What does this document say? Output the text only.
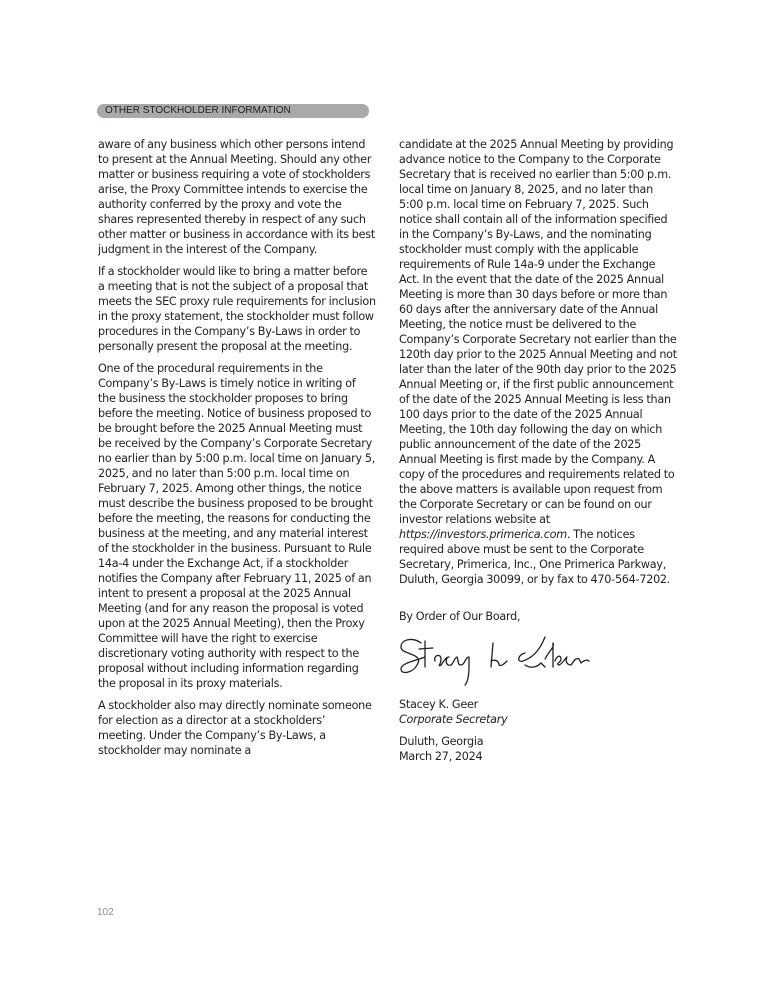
OTHER STOCKHOLDER INFORMATION

aware of any business which other persons intend to present at the Annual Meeting. Should any other matter or business requiring a vote of stockholders arise, the Proxy Committee intends to exercise the authority conferred by the proxy and vote the shares represented thereby in respect of any such other matter or business in accordance with its best judgment in the interest of the Company.

If a stockholder would like to bring a matter before a meeting that is not the subject of a proposal that meets the SEC proxy rule requirements for inclusion in the proxy statement, the stockholder must follow procedures in the Company’s By-Laws in order to personally present the proposal at the meeting.

One of the procedural requirements in the Company’s By-Laws is timely notice in writing of the business the stockholder proposes to bring before the meeting. Notice of business proposed to be brought before the 2025 Annual Meeting must be received by the Company’s Corporate Secretary no earlier than by 5:00 p.m. local time on January 5, 2025, and no later than 5:00 p.m. local time on February 7, 2025. Among other things, the notice must describe the business proposed to be brought before the meeting, the reasons for conducting the business at the meeting, and any material interest of the stockholder in the business. Pursuant to Rule 14a-4 under the Exchange Act, if a stockholder notifies the Company after February 11, 2025 of an intent to present a proposal at the 2025 Annual Meeting (and for any reason the proposal is voted upon at the 2025 Annual Meeting), then the Proxy Committee will have the right to exercise discretionary voting authority with respect to the proposal without including information regarding the proposal in its proxy materials.

A stockholder also may directly nominate someone for election as a director at a stockholders’ meeting. Under the Company’s By-Laws, a stockholder may nominate a

candidate at the 2025 Annual Meeting by providing advance notice to the Company to the Corporate Secretary that is received no earlier than 5:00 p.m. local time on January 8, 2025, and no later than 5:00 p.m. local time on February 7, 2025. Such notice shall contain all of the information specified in the Company’s By-Laws, and the nominating stockholder must comply with the applicable requirements of Rule 14a-9 under the Exchange Act. In the event that the date of the 2025 Annual Meeting is more than 30 days before or more than 60 days after the anniversary date of the Annual Meeting, the notice must be delivered to the Company’s Corporate Secretary not earlier than the 120th day prior to the 2025 Annual Meeting and not later than the later of the 90th day prior to the 2025 Annual Meeting or, if the first public announcement of the date of the 2025 Annual Meeting is less than 100 days prior to the date of the 2025 Annual Meeting, the 10th day following the day on which public announcement of the date of the 2025 Annual Meeting is first made by the Company. A copy of the procedures and requirements related to the above matters is available upon request from the Corporate Secretary or can be found on our investor relations website at https://investors.primerica.com. The notices required above must be sent to the Corporate Secretary, Primerica, Inc., One Primerica Parkway, Duluth, Georgia 30099, or by fax to 470-564-7202.

By Order of Our Board,

Stacey K. Geer

Corporate Secretary

Duluth, Georgia

March 27, 2024

102
